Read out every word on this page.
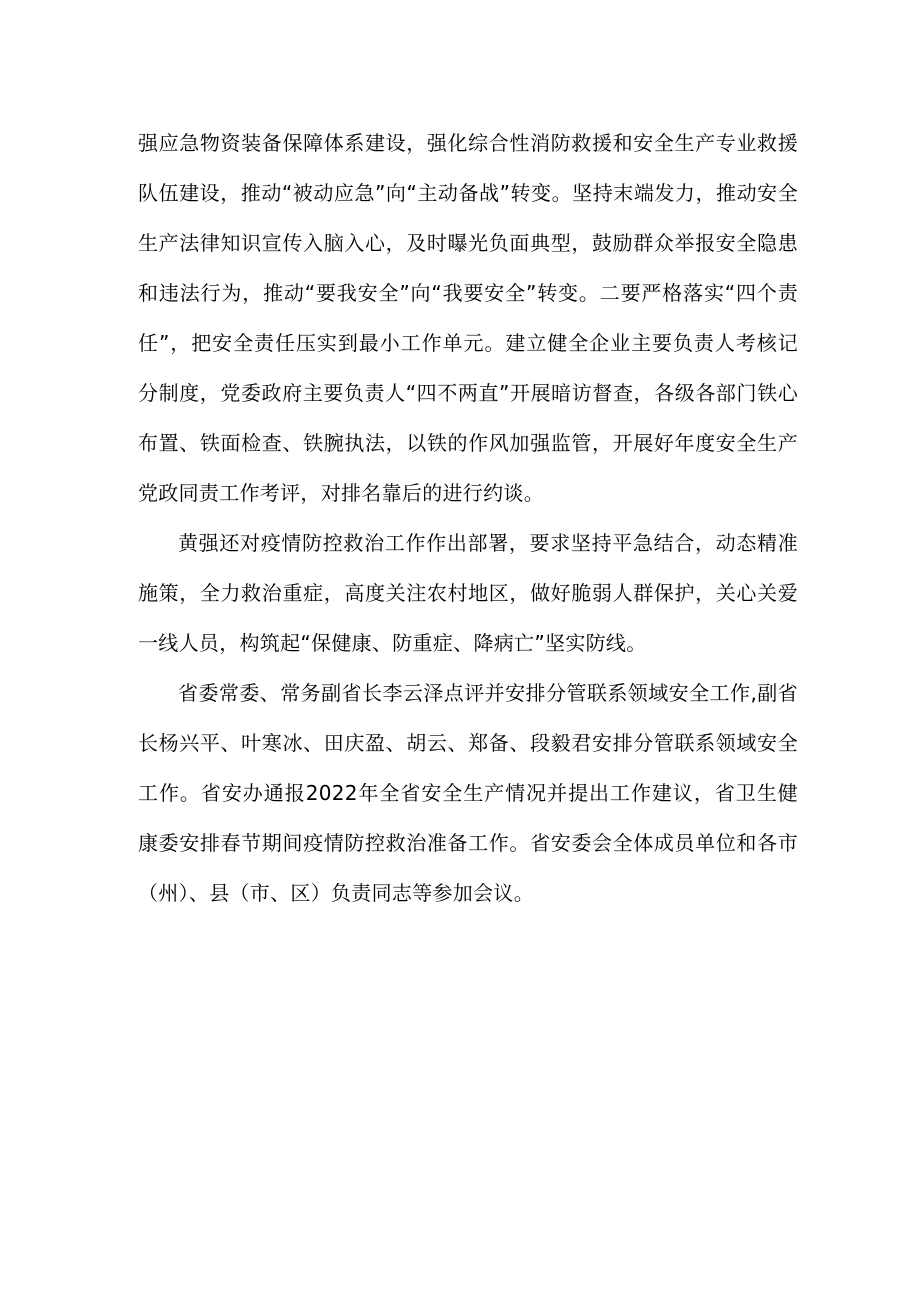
强应急物资装备保障体系建设，强化综合性消防救援和安全生产专业救援队伍建设，推动“被动应急”向“主动备战”转变。坚持末端发力，推动安全生产法律知识宣传入脑入心，及时曝光负面典型，鼓励群众举报安全隐患和违法行为，推动“要我安全”向“我要安全”转变。二要严格落实“四个责任”，把安全责任压实到最小工作单元。建立健全企业主要负责人考核记分制度，党委政府主要负责人“四不两直”开展暗访督查，各级各部门铁心布置、铁面检查、铁腕执法，以铁的作风加强监管，开展好年度安全生产党政同责工作考评，对排名靠后的进行约谈。

黄强还对疫情防控救治工作作出部署，要求坚持平急结合，动态精准施策，全力救治重症，高度关注农村地区，做好脆弱人群保护，关心关爱一线人员，构筑起“保健康、防重症、降病亡”坚实防线。

省委常委、常务副省长李云泽点评并安排分管联系领域安全工作,副省长杨兴平、叶寒冰、田庆盈、胡云、郑备、段毅君安排分管联系领域安全工作。省安办通报2022年全省安全生产情况并提出工作建议，省卫生健康委安排春节期间疫情防控救治准备工作。省安委会全体成员单位和各市（州）、县（市、区）负责同志等参加会议。
